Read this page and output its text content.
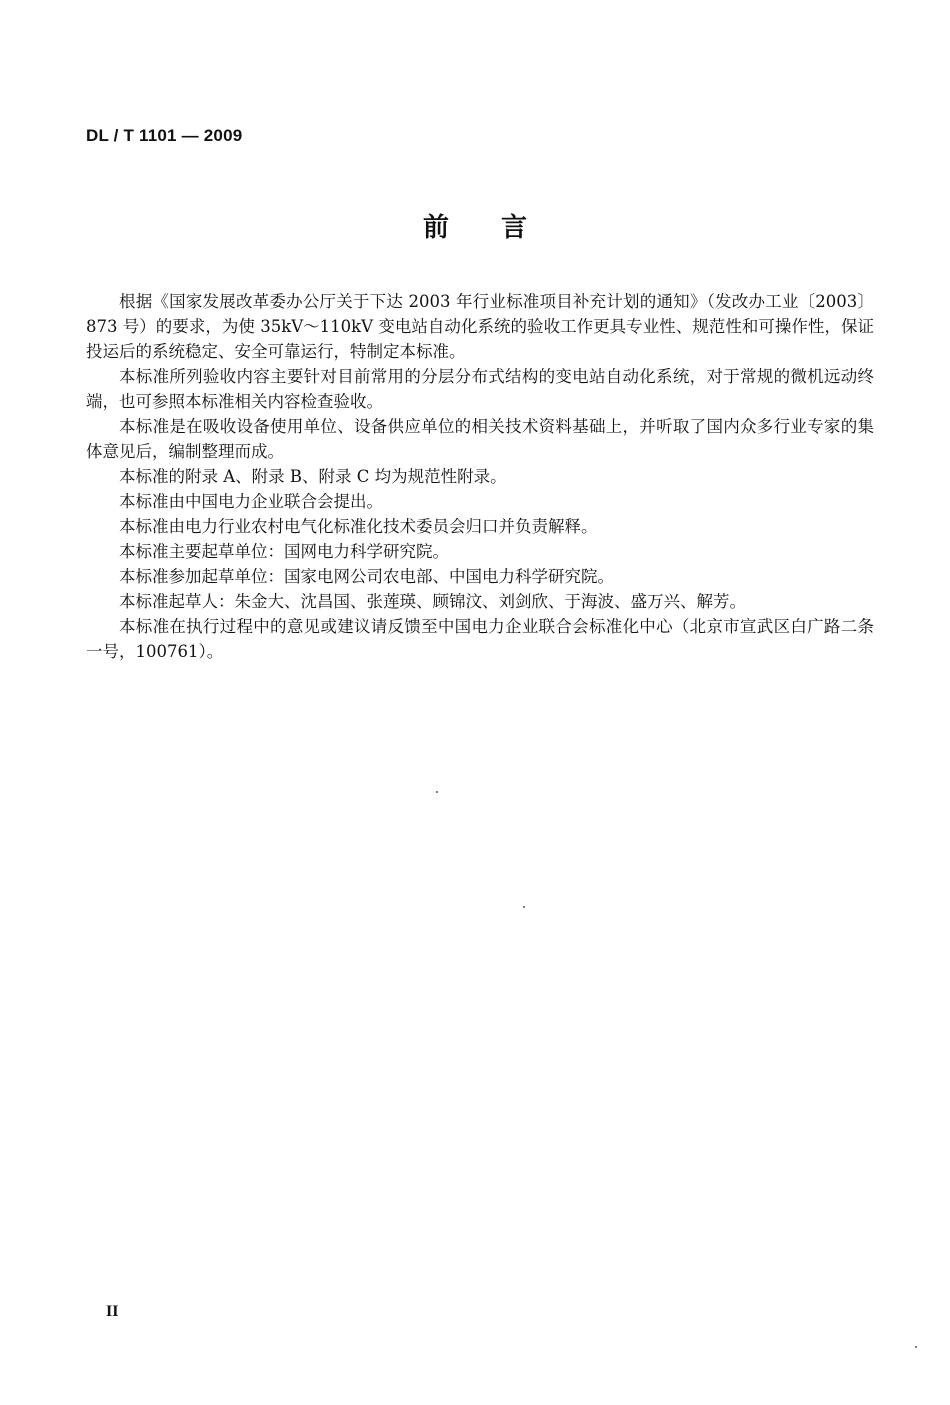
DL / T 1101 — 2009
前言

根据《国家发展改革委办公厅关于下达 2003 年行业标准项目补充计划的通知》（发改办工业〔2003〕873 号）的要求，为使 35kV～110kV 变电站自动化系统的验收工作更具专业性、规范性和可操作性，保证投运后的系统稳定、安全可靠运行，特制定本标准。

本标准所列验收内容主要针对目前常用的分层分布式结构的变电站自动化系统，对于常规的微机远动终端，也可参照本标准相关内容检查验收。

本标准是在吸收设备使用单位、设备供应单位的相关技术资料基础上，并听取了国内众多行业专家的集体意见后，编制整理而成。

本标准的附录 A、附录 B、附录 C 均为规范性附录。

本标准由中国电力企业联合会提出。

本标准由电力行业农村电气化标准化技术委员会归口并负责解释。

本标准主要起草单位：国网电力科学研究院。

本标准参加起草单位：国家电网公司农电部、中国电力科学研究院。

本标准起草人：朱金大、沈昌国、张莲瑛、顾锦汶、刘剑欣、于海波、盛万兴、解芳。

本标准在执行过程中的意见或建议请反馈至中国电力企业联合会标准化中心（北京市宣武区白广路二条一号，100761）。

II
